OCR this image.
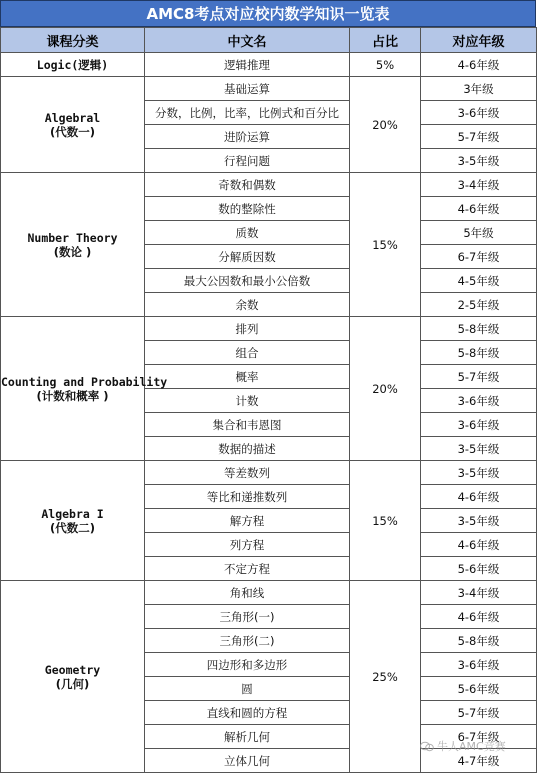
AMC8考点对应校内数学知识一览表
课程分类	中文名	占比	对应年级

Logic(逻辑)	逻辑推理	5%	4-6年级

Algebral
(代数一)	基础运算	20%	3年级
	分数，比例，比率，比例式和百分比		3-6年级
	进阶运算		5-7年级
	行程问题		3-5年级

Number Theory
(数论 )	奇数和偶数	15%	3-4年级
	数的整除性		4-6年级
	质数		5年级
	分解质因数		6-7年级
	最大公因数和最小公倍数		4-5年级
	余数		2-5年级

Counting and Probability
(计数和概率 )	排列	20%	5-8年级
	组合		5-8年级
	概率		5-7年级
	计数		3-6年级
	集合和韦恩图		3-6年级
	数据的描述		3-5年级

Algebra I
(代数二)	等差数列	15%	3-5年级
	等比和递推数列		4-6年级
	解方程		3-5年级
	列方程		4-6年级
	不定方程		5-6年级

Geometry
(几何)	角和线	25%	3-4年级
	三角形(一)		4-6年级
	三角形(二)		5-8年级
	四边形和多边形		3-6年级
	圆		5-6年级
	直线和圆的方程		5-7年级
	解析几何		6-7年级
	立体几何		4-7年级
牛人AMC竞赛
